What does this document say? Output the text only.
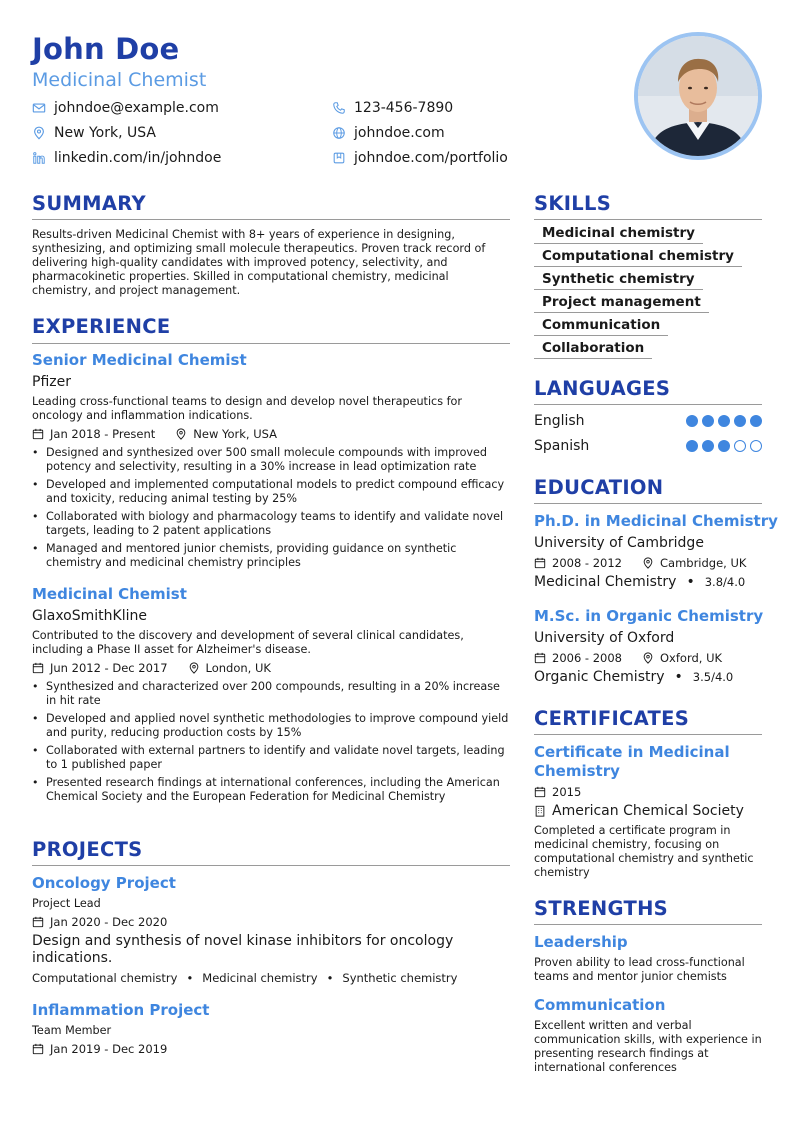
John Doe
Medicinal Chemist
johndoe@example.com	123-456-7890
New York, USA	johndoe.com
linkedin.com/in/johndoe	johndoe.com/portfolio
SUMMARY
Results-driven Medicinal Chemist with 8+ years of experience in designing, synthesizing, and optimizing small molecule therapeutics. Proven track record of delivering high-quality candidates with improved potency, selectivity, and pharmacokinetic properties. Skilled in computational chemistry, medicinal chemistry, and project management.
EXPERIENCE
Senior Medicinal Chemist
Pfizer
Leading cross-functional teams to design and develop novel therapeutics for oncology and inflammation indications.
Jan 2018 - Present	New York, USA
• Designed and synthesized over 500 small molecule compounds with improved potency and selectivity, resulting in a 30% increase in lead optimization rate
• Developed and implemented computational models to predict compound efficacy and toxicity, reducing animal testing by 25%
• Collaborated with biology and pharmacology teams to identify and validate novel targets, leading to 2 patent applications
• Managed and mentored junior chemists, providing guidance on synthetic chemistry and medicinal chemistry principles
Medicinal Chemist
GlaxoSmithKline
Contributed to the discovery and development of several clinical candidates, including a Phase II asset for Alzheimer's disease.
Jun 2012 - Dec 2017	London, UK
• Synthesized and characterized over 200 compounds, resulting in a 20% increase in hit rate
• Developed and applied novel synthetic methodologies to improve compound yield and purity, reducing production costs by 15%
• Collaborated with external partners to identify and validate novel targets, leading to 1 published paper
• Presented research findings at international conferences, including the American Chemical Society and the European Federation for Medicinal Chemistry
PROJECTS
Oncology Project
Project Lead
Jan 2020 - Dec 2020
Design and synthesis of novel kinase inhibitors for oncology indications.
Computational chemistry • Medicinal chemistry • Synthetic chemistry
Inflammation Project
Team Member
Jan 2019 - Dec 2019
SKILLS
Medicinal chemistry
Computational chemistry
Synthetic chemistry
Project management
Communication
Collaboration
LANGUAGES
English
Spanish
EDUCATION
Ph.D. in Medicinal Chemistry
University of Cambridge
2008 - 2012	Cambridge, UK
Medicinal Chemistry • 3.8/4.0
M.Sc. in Organic Chemistry
University of Oxford
2006 - 2008	Oxford, UK
Organic Chemistry • 3.5/4.0
CERTIFICATES
Certificate in Medicinal Chemistry
2015
American Chemical Society
Completed a certificate program in medicinal chemistry, focusing on computational chemistry and synthetic chemistry
STRENGTHS
Leadership
Proven ability to lead cross-functional teams and mentor junior chemists
Communication
Excellent written and verbal communication skills, with experience in presenting research findings at international conferences
